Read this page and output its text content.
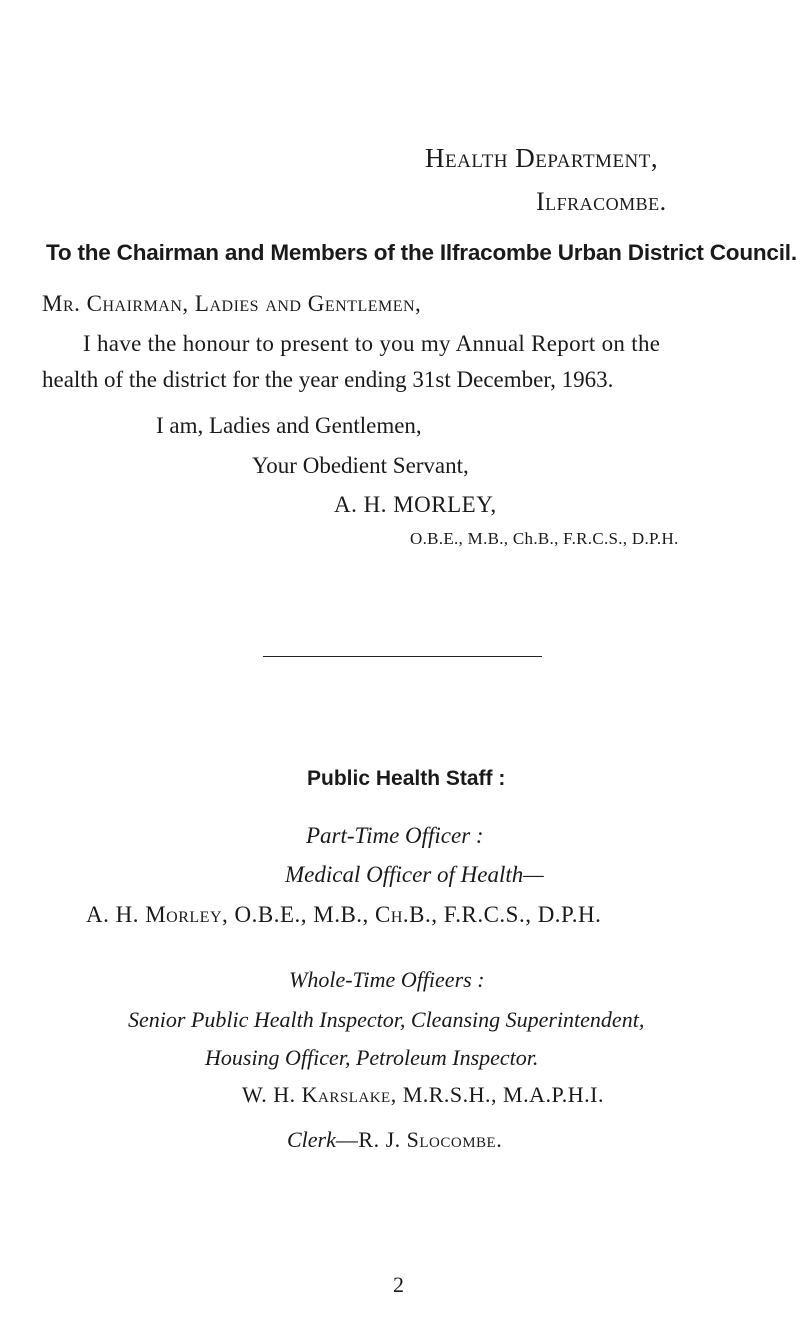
Health Department,
Ilfracombe.
To the Chairman and Members of the Ilfracombe Urban District Council.
Mr. Chairman, Ladies and Gentlemen,
I have the honour to present to you my Annual Report on the
health of the district for the year ending 31st December, 1963.
I am, Ladies and Gentlemen,
Your Obedient Servant,
A. H. MORLEY,
O.B.E., M.B., Ch.B., F.R.C.S., D.P.H.
Public Health Staff :
Part-Time Officer :
Medical Officer of Health—
A. H. Morley, O.B.E., M.B., Ch.B., F.R.C.S., D.P.H.
Whole-Time Offieers :
Senior Public Health Inspector, Cleansing Superintendent,
Housing Officer, Petroleum Inspector.
W. H. Karslake, M.R.S.H., M.A.P.H.I.
Clerk—R. J. Slocombe.
2
